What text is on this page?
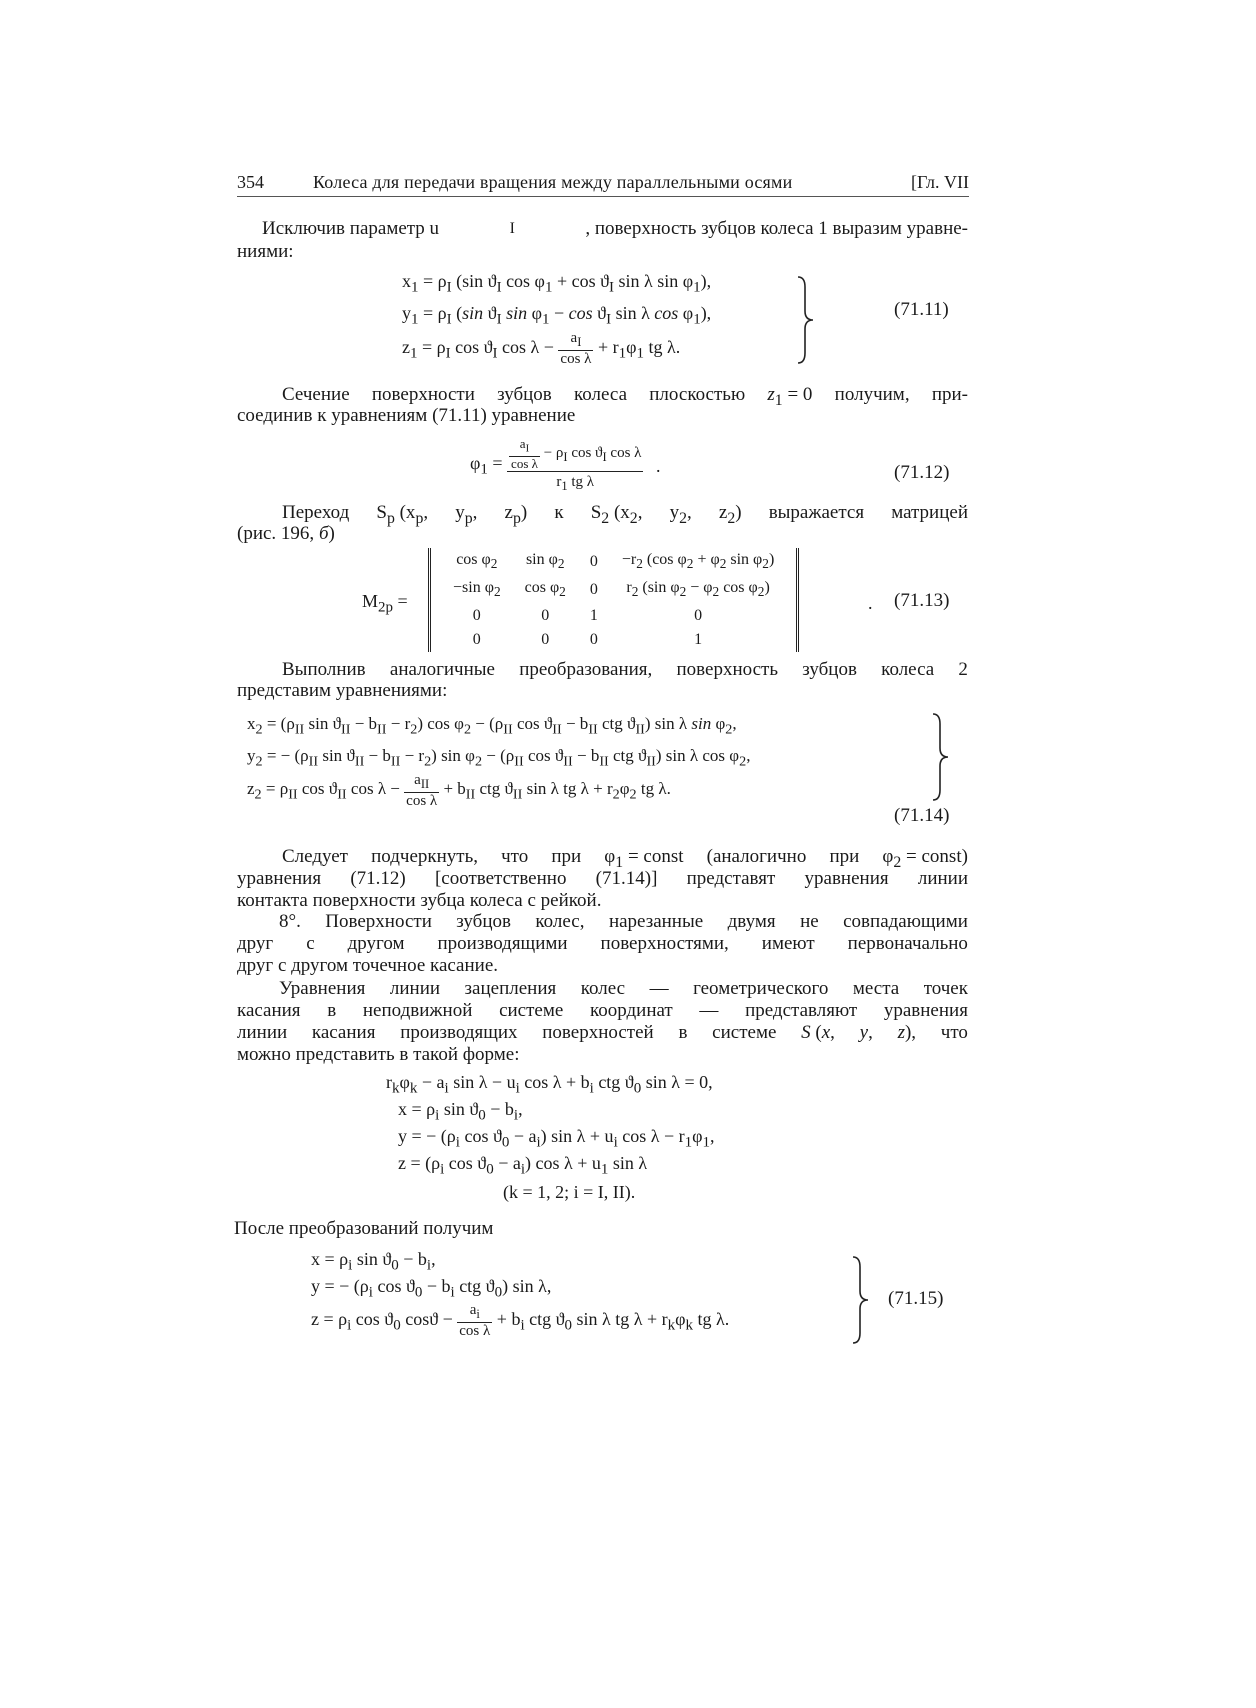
354	Колеса для передачи вращения между параллельными осями	[Гл. VII
Исключив параметр u	I	, поверхность зубцов колеса 1 выразим уравне-
ниями:
$x_1 = \rho_I$ (sin $ϑ_I$ $\cos \varphi_1 + \cos ϑ_I$ sin λ $\sin \varphi_1$),
$y_1 = \rho_I$ (sin $ϑ_I$ $\sin \varphi_1 - \cos ϑ_I$ sin λ $\cos \varphi_1$),
$z_1 = \rho_I$ $\cos ϑ_I$ $\cos \lambda - \frac{a_I}{\text{cos λ}} + r_1\varphi_1$ tg λ.
(71.11)
Сечение поверхности зубцов колеса плоскостью $z_1 = 0$ получим, при-
соединив к уравнениям (71.11) уравнение
$\varphi_1 = \frac{\frac{a_I}{\text{cos λ}} - \rho_I \cos ϑ_I \cos \lambda}{r_1 tg \lambda}$ .	(71.12)
Переход $S_p$ ($x_p$, $y_p$, $z_p$) к $S_2$ ($x_2$, $y_2$, $z_2$) выражается матрицей
(рис. 196, б)
$M_{2p}$ =
$\cos \varphi_2$	$\sin \varphi_2$	0	$-r_2$ (cos $\varphi_2 + \varphi_2$ $\sin \varphi_2$)
−sin $\varphi_2$	$\cos \varphi_2$	0	$r_2$ (sin $\varphi_2 - \varphi_2$ $\cos \varphi_2$)
0	0	1	0
0	0	0	1
. (71.13)
Выполнив аналогичные преобразования, поверхность зубцов колеса 2
представим уравнениями:
$x_2 = (\rho_{II}$ $\sin ϑ_{II} - b_{II} - r_2$) $\cos \varphi_2 - (\rho_{II}$ $\cos ϑ_{II} - b_{II}$ ctg $ϑ_{II}$) sin λ $\sin \varphi_2$,
$y_2$ = − ($\rho_{II}$ $\sin ϑ_{II} - b_{II} - r_2$) $\sin \varphi_2 - (\rho_{II}$ $\cos ϑ_{II} - b_{II}$ ctg $ϑ_{II}$) sin λ $\cos \varphi_2$,
$z_2 = \rho_{II}$ $\cos ϑ_{II}$ $\cos \lambda - \frac{a_{II}}{\text{cos λ}} + b_{II}$ ctg $ϑ_{II}$ sin λ tg $\lambda + r_2\varphi_2$ tg λ.
(71.14)
Следует подчеркнуть, что при $\varphi_1$ = const (аналогично при $\varphi_2$ = const)
уравнения (71.12) [соответственно (71.14)] представят уравнения линии
контакта поверхности зубца колеса с рейкой.
8°. Поверхности зубцов колес, нарезанные двумя не совпадающими
друг с другом производящими поверхностями, имеют первоначально
друг с другом точечное касание.
Уравнения линии зацепления колес — геометрического места точек
касания в неподвижной системе координат — представляют уравнения
линии касания производящих поверхностей в системе S (x, y, z), что
можно представить в такой форме:
$r_k\varphi_k - a_i$ $\sin \lambda - u_i$ $\cos \lambda + b_i$ ctg $ϑ_0$ sin λ = 0,
$x = \rho_i$ $\sin ϑ_0 - b_i$,
y = − ($\rho_i$ $\cos ϑ_0 - a_i$) $\sin \lambda + u_i$ $\cos \lambda - r_1\varphi_1$,
$z = (\rho_i$ $\cos ϑ_0 - a_i$) $\cos \lambda + u_1$ sin λ
(k = 1, 2; i = I, II).
После преобразований получим
$x = \rho_i$ $\sin ϑ_0 - b_i$,
y = − ($\rho_i$ $\cos ϑ_0 - b_i$ ctg $ϑ_0$) sin λ,
$z = \rho_i$ $\cos ϑ_0$ $\cos ϑ - \frac{a_i}{\text{cos λ}} + b_i$ ctg $ϑ_0$ sin λ tg $\lambda + r_k\varphi_k$ tg λ.
(71.15)
